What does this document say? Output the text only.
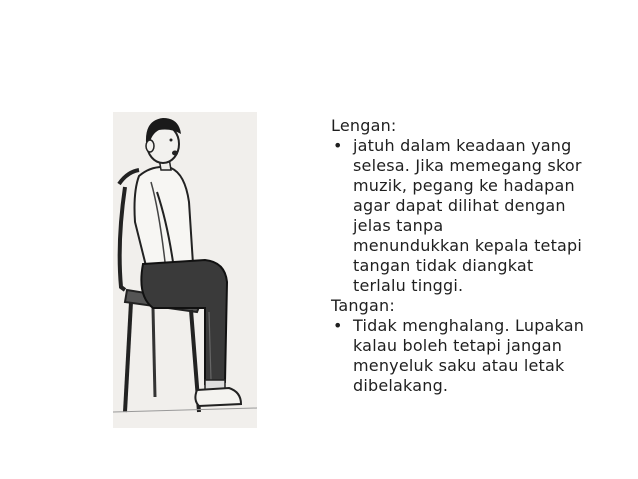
Lengan:
• jatuh dalam keadaan yang
selesa. Jika memegang skor
muzik, pegang ke hadapan
agar dapat dilihat dengan
jelas tanpa
menundukkan kepala tetapi
tangan tidak diangkat
terlalu tinggi.
Tangan:
• Tidak menghalang. Lupakan
kalau boleh tetapi jangan
menyeluk saku atau letak
dibelakang.
